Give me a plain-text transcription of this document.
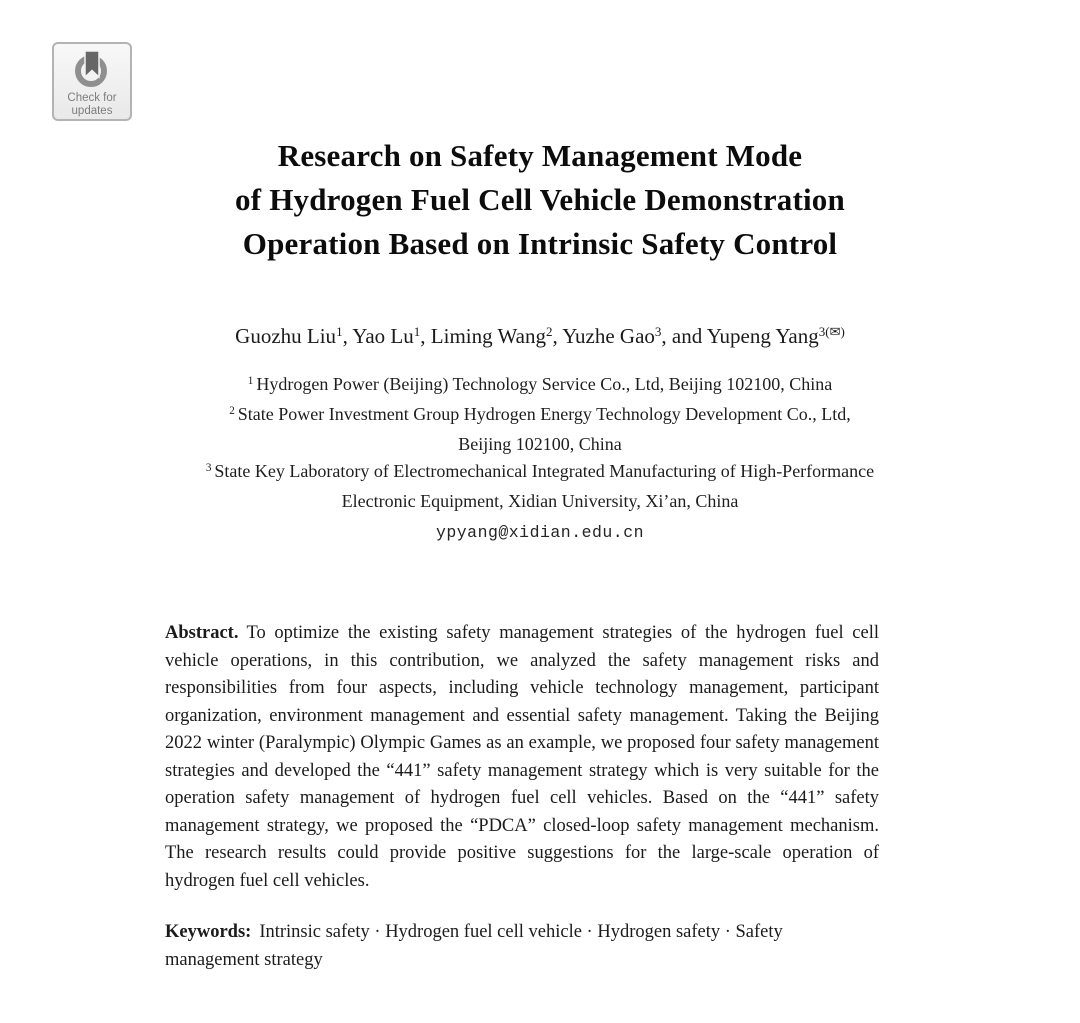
Check for
updates
Research on Safety Management Mode
of Hydrogen Fuel Cell Vehicle Demonstration
Operation Based on Intrinsic Safety Control
Guozhu Liu$^1$, Yao Lu$^1$, Liming Wang$^2$, Yuzhe Gao$^3$, and Yupeng Yang$^{3(✉)}$
$^1$ Hydrogen Power (Beijing) Technology Service Co., Ltd, Beijing 102100, China
$^2$ State Power Investment Group Hydrogen Energy Technology Development Co., Ltd,
Beijing 102100, China
$^3$ State Key Laboratory of Electromechanical Integrated Manufacturing of High-Performance
Electronic Equipment, Xidian University, Xi’an, China
ypyang@xidian.edu.cn

Abstract. To optimize the existing safety management strategies of the hydrogen fuel cell vehicle operations, in this contribution, we analyzed the safety management risks and responsibilities from four aspects, including vehicle technology management, participant organization, environment management and essential safety management. Taking the Beijing 2022 winter (Paralympic) Olympic Games as an example, we proposed four safety management strategies and developed the “441” safety management strategy which is very suitable for the operation safety management of hydrogen fuel cell vehicles. Based on the “441” safety management strategy, we proposed the “PDCA” closed-loop safety management mechanism. The research results could provide positive suggestions for the large-scale operation of hydrogen fuel cell vehicles.

Keywords: Intrinsic safety · Hydrogen fuel cell vehicle · Hydrogen safety · Safety management strategy
